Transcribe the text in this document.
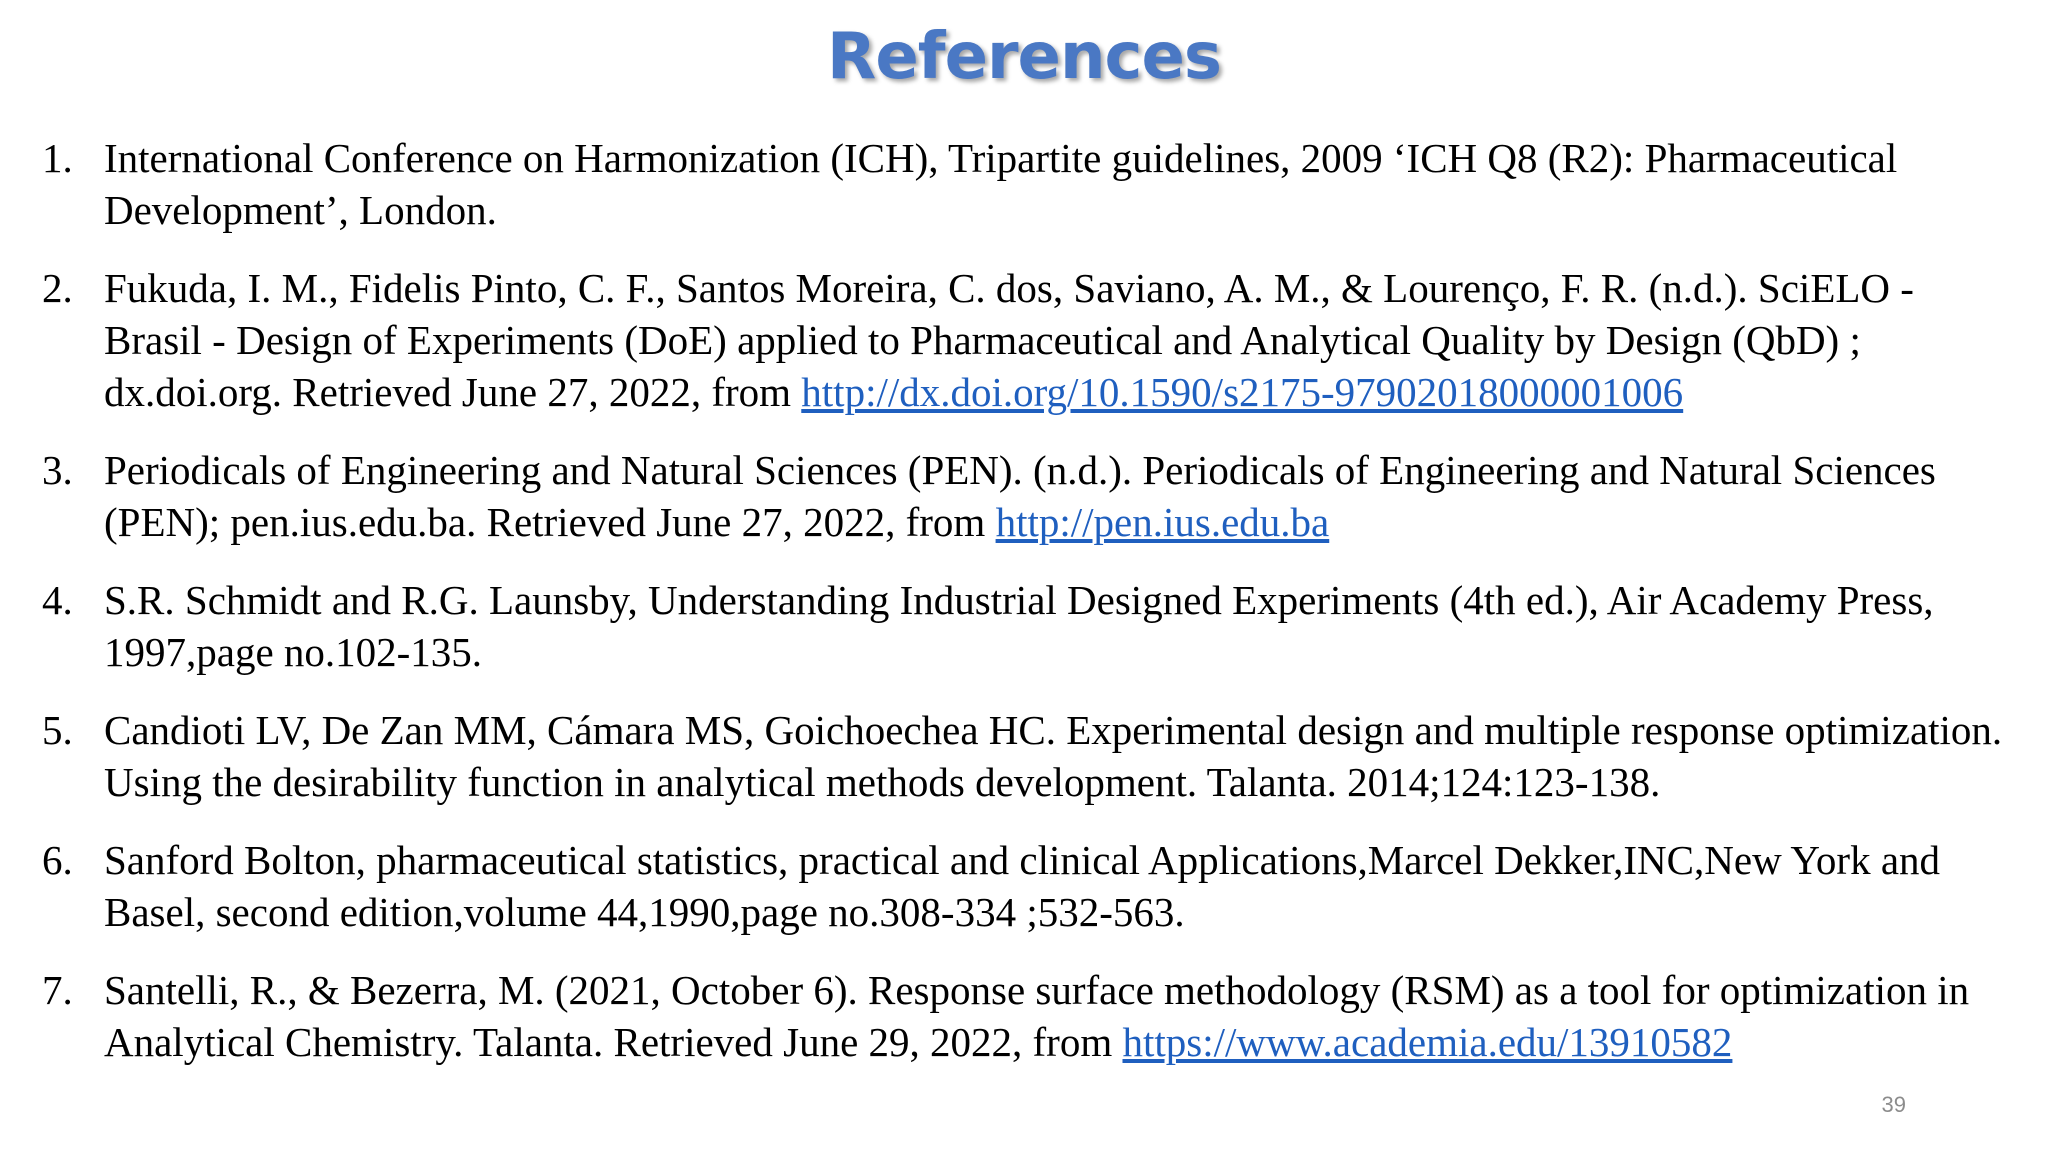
References
1. International Conference on Harmonization (ICH), Tripartite guidelines, 2009 ‘ICH Q8 (R2): Pharmaceutical Development’, London.
2. Fukuda, I. M., Fidelis Pinto, C. F., Santos Moreira, C. dos, Saviano, A. M., & Lourenço, F. R. (n.d.). SciELO - Brasil - Design of Experiments (DoE) applied to Pharmaceutical and Analytical Quality by Design (QbD) ; dx.doi.org. Retrieved June 27, 2022, from http://dx.doi.org/10.1590/s2175-97902018000001006
3. Periodicals of Engineering and Natural Sciences (PEN). (n.d.). Periodicals of Engineering and Natural Sciences (PEN); pen.ius.edu.ba. Retrieved June 27, 2022, from http://pen.ius.edu.ba
4. S.R. Schmidt and R.G. Launsby, Understanding Industrial Designed Experiments (4th ed.), Air Academy Press, 1997,page no.102-135.
5. Candioti LV, De Zan MM, Cámara MS, Goichoechea HC. Experimental design and multiple response optimization. Using the desirability function in analytical methods development. Talanta. 2014;124:123-138.
6. Sanford Bolton, pharmaceutical statistics, practical and clinical Applications,Marcel Dekker,INC,New York and Basel, second edition,volume 44,1990,page no.308-334 ;532-563.
7. Santelli, R., & Bezerra, M. (2021, October 6). Response surface methodology (RSM) as a tool for optimization in Analytical Chemistry. Talanta. Retrieved June 29, 2022, from https://www.academia.edu/13910582
39
